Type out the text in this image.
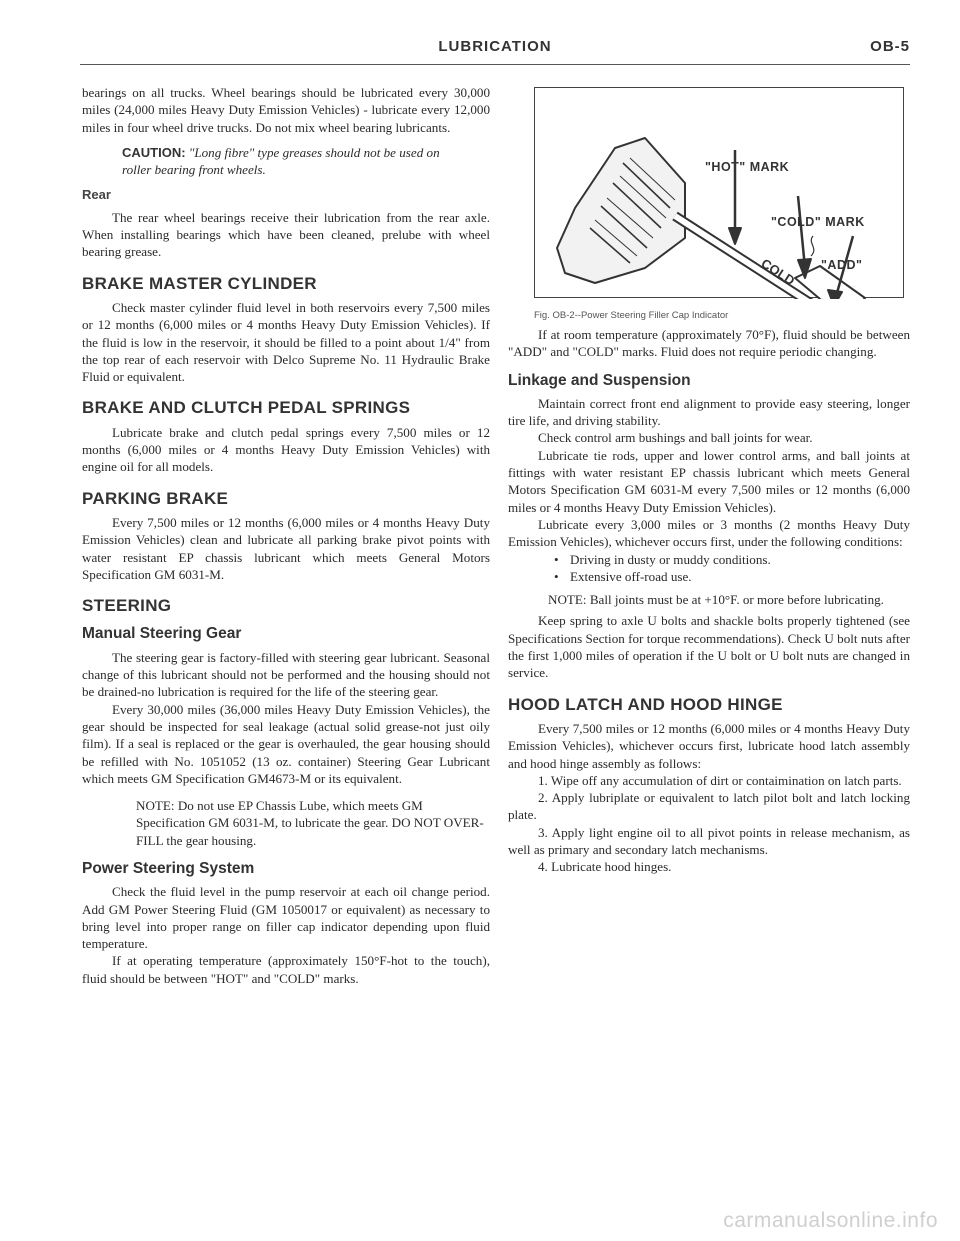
LUBRICATION	OB-5

bearings on all trucks. Wheel bearings should be lubricated every 30,000 miles (24,000 miles Heavy Duty Emission Vehicles) - lubricate every 12,000 miles in four wheel drive trucks. Do not mix wheel bearing lubricants.

CAUTION: "Long fibre" type greases should not be used on roller bearing front wheels.
Rear

The rear wheel bearings receive their lubrication from the rear axle. When installing bearings which have been cleaned, prelube with wheel bearing grease.

BRAKE MASTER CYLINDER

Check master cylinder fluid level in both reservoirs every 7,500 miles or 12 months (6,000 miles or 4 months Heavy Duty Emission Vehicles). If the fluid is low in the reservoir, it should be filled to a point about 1/4" from the top rear of each reservoir with Delco Supreme No. 11 Hydraulic Brake Fluid or equivalent.

BRAKE AND CLUTCH PEDAL SPRINGS

Lubricate brake and clutch pedal springs every 7,500 miles or 12 months (6,000 miles or 4 months Heavy Duty Emission Vehicles) with engine oil for all models.

PARKING BRAKE

Every 7,500 miles or 12 months (6,000 miles or 4 months Heavy Duty Emission Vehicles) clean and lubricate all parking brake pivot points with water resistant EP chassis lubricant which meets General Motors Specification GM 6031-M.

STEERING
Manual Steering Gear

The steering gear is factory-filled with steering gear lubricant. Seasonal change of this lubricant should not be performed and the housing should not be drained-no lubrication is required for the life of the steering gear.

Every 30,000 miles (36,000 miles Heavy Duty Emission Vehicles), the gear should be inspected for seal leakage (actual solid grease-not just oily film). If a seal is replaced or the gear is overhauled, the gear housing should be refilled with No. 1051052 (13 oz. container) Steering Gear Lubricant which meets GM Specification GM4673-M or its equivalent.

NOTE: Do not use EP Chassis Lube, which meets GM Specification GM 6031-M, to lubricate the gear. DO NOT OVER-FILL the gear housing.

Power Steering System

Check the fluid level in the pump reservoir at each oil change period. Add GM Power Steering Fluid (GM 1050017 or equivalent) as necessary to bring level into proper range on filler cap indicator depending upon fluid temperature.

If at operating temperature (approximately 150°F-hot to the touch), fluid should be between "HOT" and "COLD" marks.

COLD
"HOT" MARK
"COLD" MARK
"ADD"
Fig. OB-2--Power Steering Filler Cap Indicator

If at room temperature (approximately 70°F), fluid should be between "ADD" and "COLD" marks. Fluid does not require periodic changing.

Linkage and Suspension

Maintain correct front end alignment to provide easy steering, longer tire life, and driving stability.

Check control arm bushings and ball joints for wear.

Lubricate tie rods, upper and lower control arms, and ball joints at fittings with water resistant EP chassis lubricant which meets General Motors Specification GM 6031-M every 7,500 miles or 12 months (6,000 miles or 4 months Heavy Duty Emission Vehicles).

Lubricate every 3,000 miles or 3 months (2 months Heavy Duty Emission Vehicles), whichever occurs first, under the following conditions:

• Driving in dusty or muddy conditions.

• Extensive off-road use.

NOTE: Ball joints must be at +10°F. or more before lubricating.

Keep spring to axle U bolts and shackle bolts properly tightened (see Specifications Section for torque recommendations). Check U bolt nuts after the first 1,000 miles of operation if the U bolt or U bolt nuts are changed in service.

HOOD LATCH AND HOOD HINGE

Every 7,500 miles or 12 months (6,000 miles or 4 months Heavy Duty Emission Vehicles), whichever occurs first, lubricate hood latch assembly and hood hinge assembly as follows:

1. Wipe off any accumulation of dirt or contaimination on latch parts.

2. Apply lubriplate or equivalent to latch pilot bolt and latch locking plate.

3. Apply light engine oil to all pivot points in release mechanism, as well as primary and secondary latch mechanisms.

4. Lubricate hood hinges.

carmanualsonline.info
